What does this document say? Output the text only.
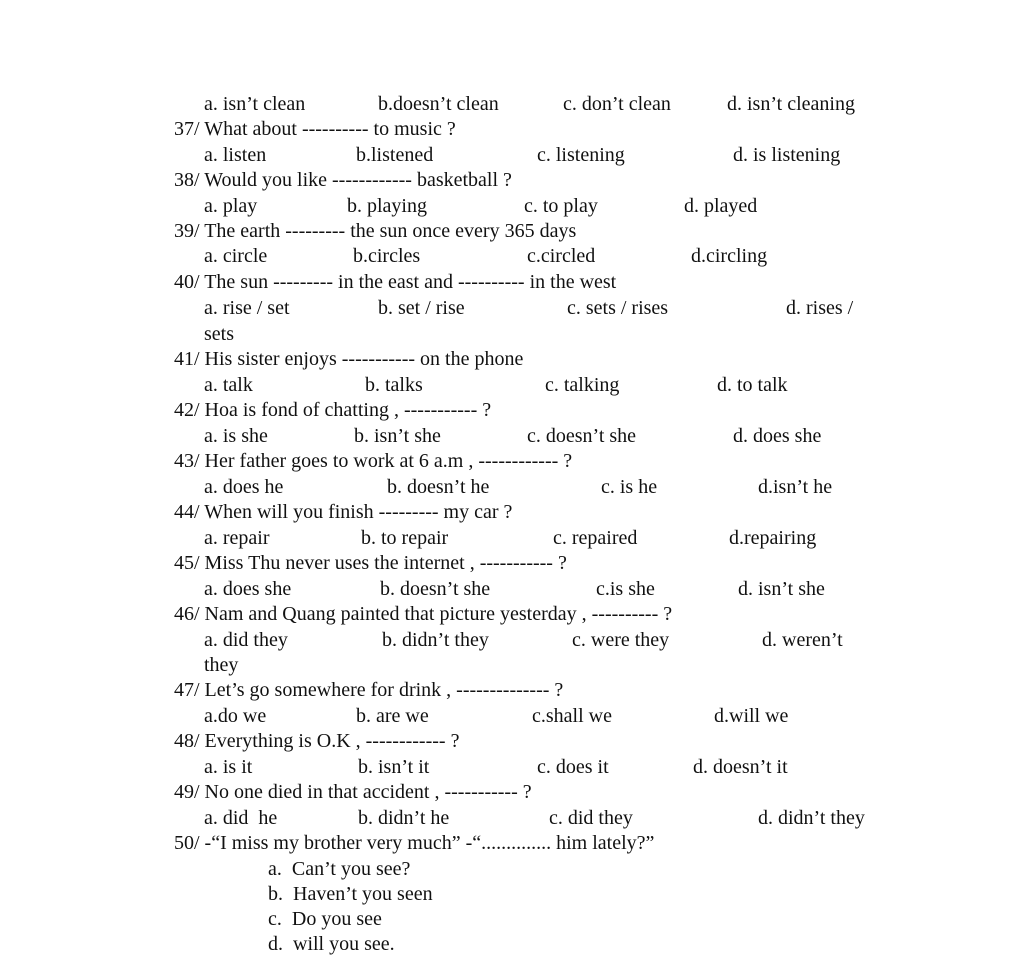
a. isn’t clean	b.doesn’t clean	c. don’t clean	d. isn’t cleaning
37/ What about ---------- to music ?
a. listen	b.listened	c. listening	d. is listening
38/ Would you like ------------ basketball ?
a. play	b. playing	c. to play	d. played
39/ The earth --------- the sun once every 365 days
a. circle	b.circles	c.circled	d.circling
40/ The sun --------- in the east and ---------- in the west
a. rise / set	b. set / rise	c. sets / rises	d. rises /
sets
41/ His sister enjoys ----------- on the phone
a. talk	b. talks	c. talking	d. to talk
42/ Hoa is fond of chatting , ----------- ?
a. is she	b. isn’t she	c. doesn’t she	d. does she
43/ Her father goes to work at 6 a.m , ------------ ?
a. does he	b. doesn’t he	c. is he	d.isn’t he
44/ When will you finish --------- my car ?
a. repair	b. to repair	c. repaired	d.repairing
45/ Miss Thu never uses the internet , ----------- ?
a. does she	b. doesn’t she	c.is she	d. isn’t she
46/ Nam and Quang painted that picture yesterday , ---------- ?
a. did they	b. didn’t they	c. were they	d. weren’t
they
47/ Let’s go somewhere for drink , -------------- ?
a.do we	b. are we	c.shall we	d.will we
48/ Everything is O.K , ------------ ?
a. is it	b. isn’t it	c. does it	d. doesn’t it
49/ No one died in that accident , ----------- ?
a. did  he	b. didn’t he	c. did they	d. didn’t they
50/ -“I miss my brother very much” -“.............. him lately?”
a.  Can’t you see?
b.  Haven’t you seen
c.  Do you see
d.  will you see.
